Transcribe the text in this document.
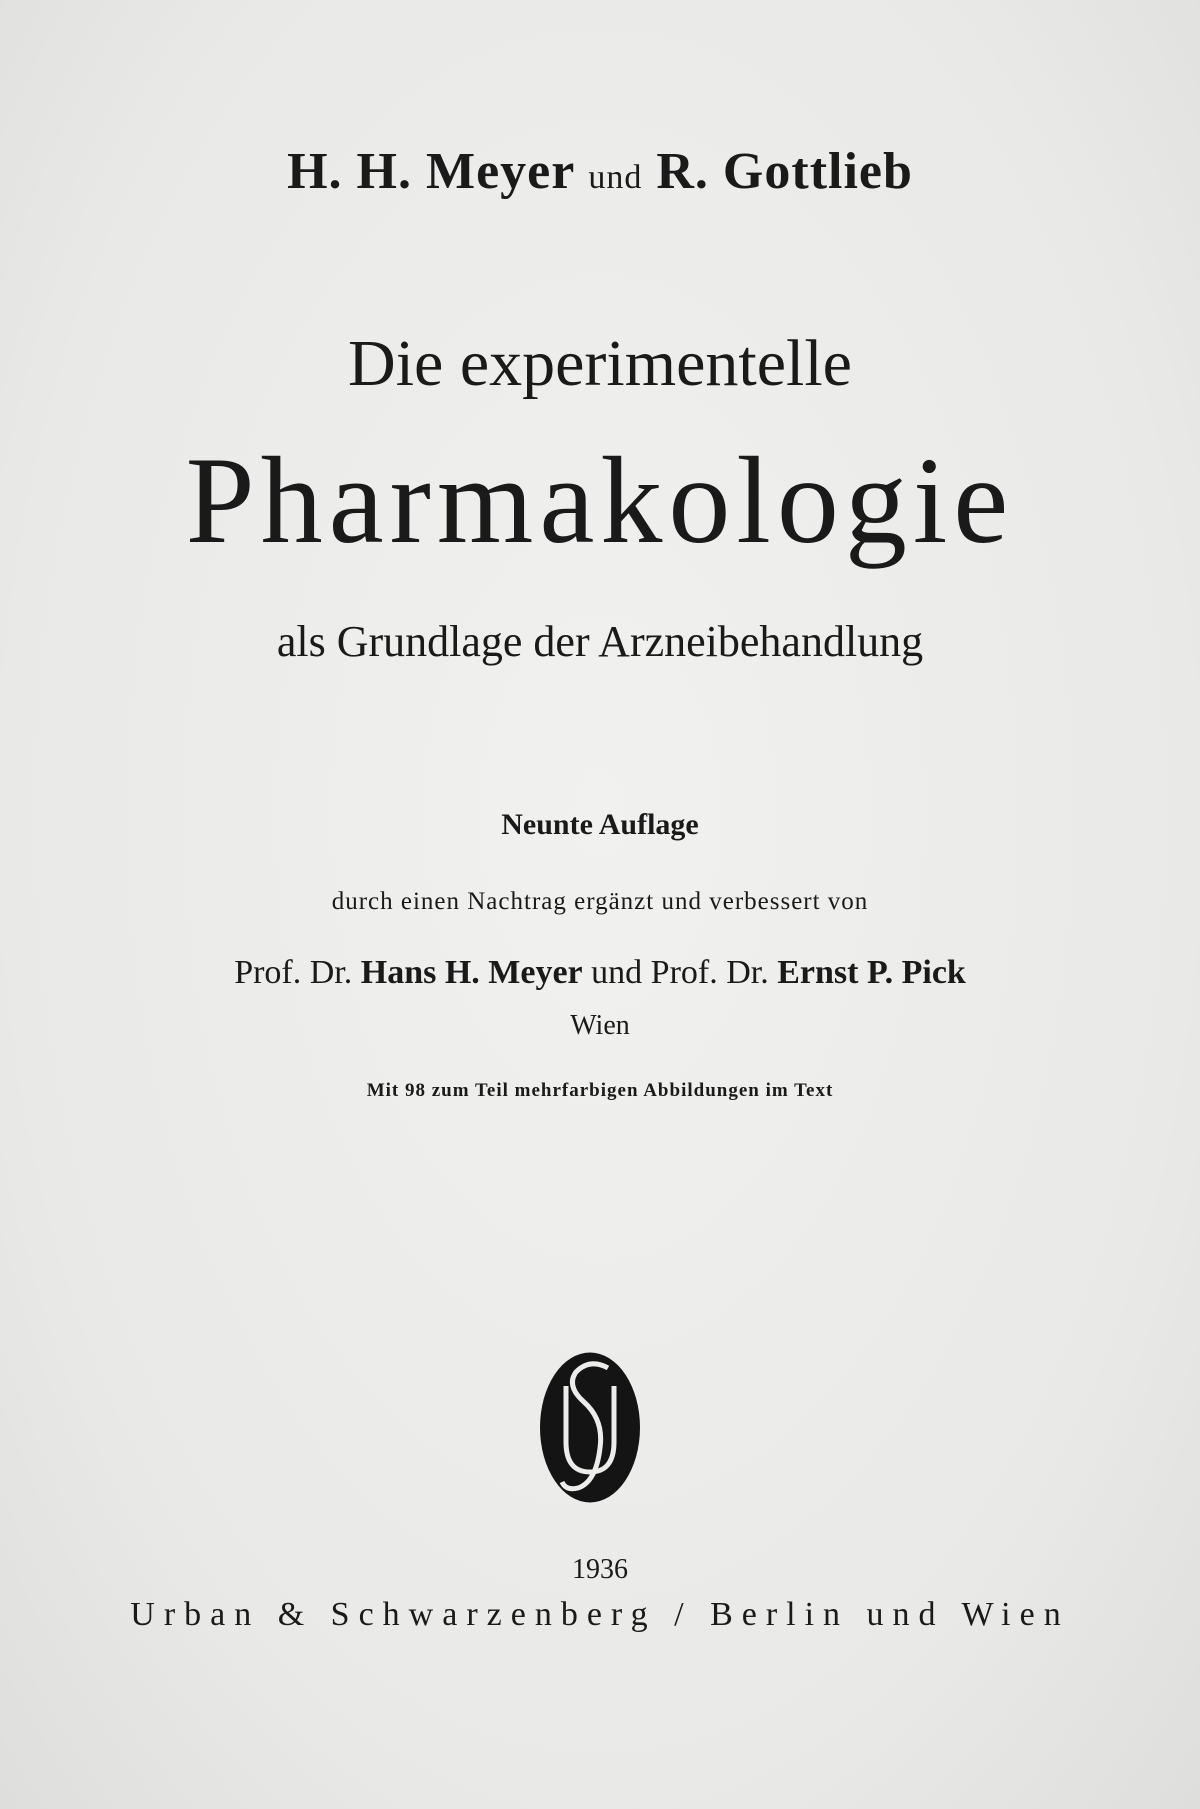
H. H. Meyer und R. Gottlieb
Die experimentelle
Pharmakologie
als Grundlage der Arzneibehandlung
Neunte Auflage
durch einen Nachtrag ergänzt und verbessert von
Prof. Dr. Hans H. Meyer und Prof. Dr. Ernst P. Pick
Wien
Mit 98 zum Teil mehrfarbigen Abbildungen im Text
1936
Urban & Schwarzenberg / Berlin und Wien
